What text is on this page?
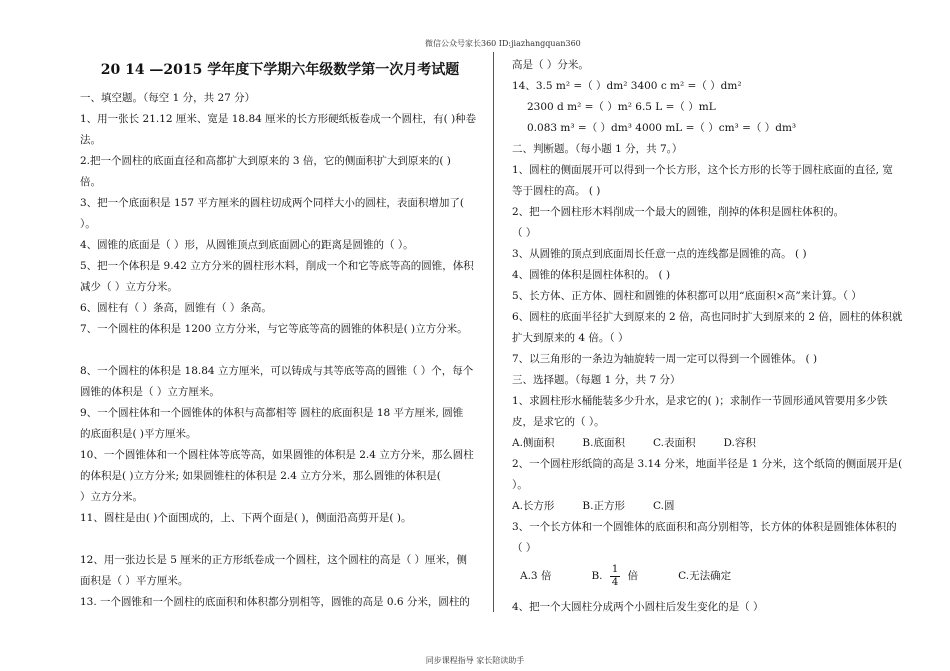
微信公众号家长360 ID:jiazhangquan360
20 14 —2015 学年度下学期六年级数学第一次月考试题

一、填空题。（每空 1 分，共 27 分）

1、用一张长 21.12 厘米、宽是 18.84 厘米的长方形硬纸板卷成一个圆柱，有( )种卷

法。

2.把一个圆柱的底面直径和高都扩大到原来的 3 倍，它的侧面积扩大到原来的( )

倍。

3、把一个底面积是 157 平方厘米的圆柱切成两个同样大小的圆柱，表面积增加了(

）。

4、圆锥的底面是（ ）形，从圆锥顶点到底面圆心的距离是圆锥的（ ）。

5、把一个体积是 9.42 立方分米的圆柱形木料，削成一个和它等底等高的圆锥，体积

减少（ ）立方分米。

6、圆柱有（ ）条高，圆锥有（ ）条高。

7、一个圆柱的体积是 1200 立方分米，与它等底等高的圆锥的体积是( )立方分米。

8、一个圆柱的体积是 18.84 立方厘米，可以铸成与其等底等高的圆锥（ ）个，每个

圆锥的体积是（ ）立方厘米。

9、一个圆柱体和一个圆锥体的体积与高都相等 圆柱的底面积是 18 平方厘米, 圆锥

的底面积是( )平方厘米。

10、一个圆锥体和一个圆柱体等底等高，如果圆锥的体积是 2.4 立方分米，那么圆柱

的体积是( )立方分米; 如果圆锥柱的体积是 2.4 立方分米，那么圆锥的体积是(

）立方分米。

11、圆柱是由( )个面围成的，上、下两个面是( )，侧面沿高剪开是( )。

12、用一张边长是 5 厘米的正方形纸卷成一个圆柱，这个圆柱的高是（ ）厘米，侧

面积是（ ）平方厘米。

13. 一个圆锥和一个圆柱的底面积和体积都分别相等，圆锥的高是 0.6 分米，圆柱的

高是（ ）分米。

14、3.5 m² =（ ）dm² 3400 c m² =（ ）dm²

2300 d m² =（ ）m² 6.5 L =（ ）mL

0.083 m³ =（ ）dm³ 4000 mL =（ ）cm³ =（ ）dm³

二、判断题。（每小题 1 分，共 7。）

1、圆柱的侧面展开可以得到一个长方形，这个长方形的长等于圆柱底面的直径, 宽

等于圆柱的高。 ( )

2、把一个圆柱形木料削成一个最大的圆锥，削掉的体积是圆柱体积的。

（ ）

3、从圆锥的顶点到底面周长任意一点的连线都是圆锥的高。 ( )

4、圆锥的体积是圆柱体积的。 ( )

5、长方体、正方体、圆柱和圆锥的体积都可以用“底面积×高”来计算。（ ）

6、圆柱的底面半径扩大到原来的 2 倍，高也同时扩大到原来的 2 倍，圆柱的体积就

扩大到原来的 4 倍。（ ）

7、以三角形的一条边为轴旋转一周一定可以得到一个圆锥体。 ( )

三、选择题。（每题 1 分，共 7 分）

1、求圆柱形水桶能装多少升水，是求它的( )；求制作一节圆形通风管要用多少铁

皮，是求它的（ ）。

A.侧面积	B.底面积	C.表面积	D.容积

2、一个圆柱形纸筒的高是 3.14 分米，地面半径是 1 分米，这个纸筒的侧面展开是(

）。

A.长方形	B.正方形	C.圆

3、一个长方体和一个圆锥体的底面积和高分别相等，长方体的体积是圆锥体体积的

（ ）

A.3 倍	B. $\frac{1}{4}$ 倍	C.无法确定

4、把一个大圆柱分成两个小圆柱后发生变化的是（ ）

同步课程指导 家长陪读助手
